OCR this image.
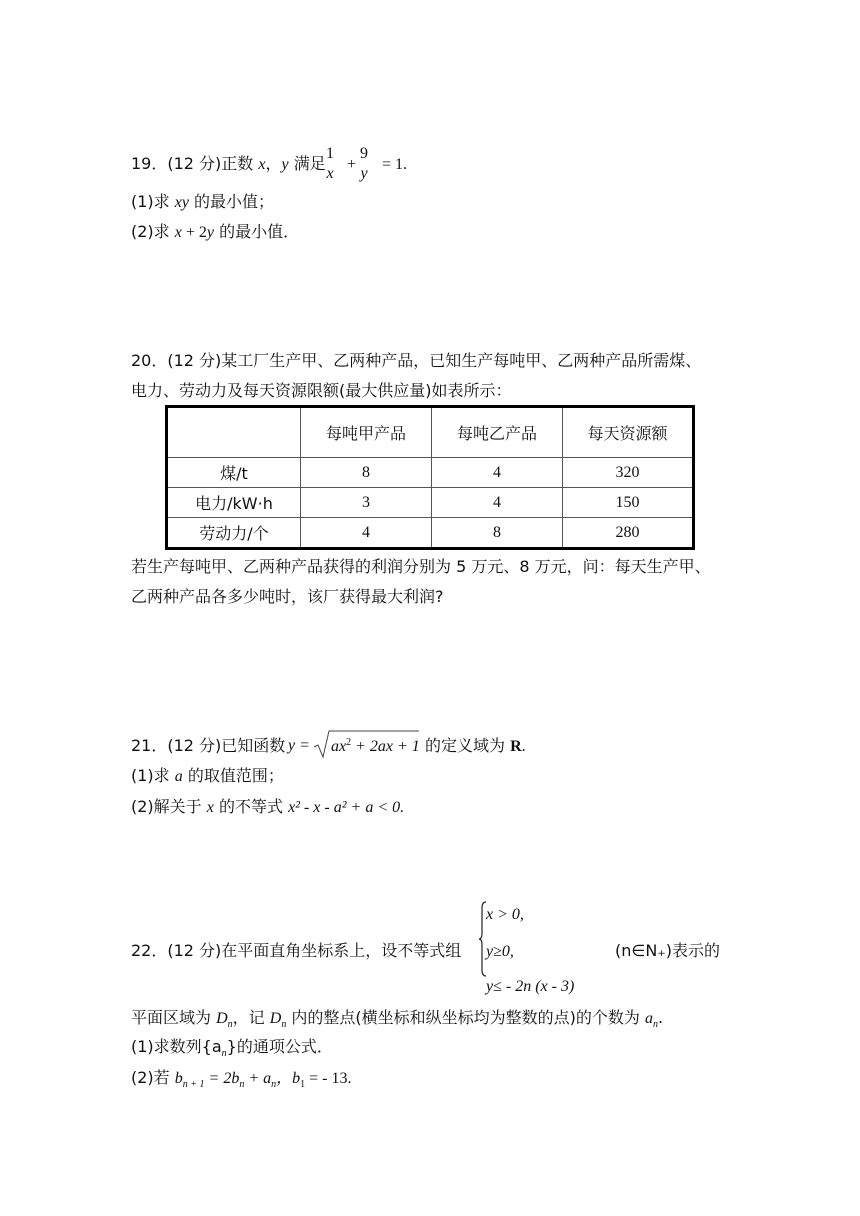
19．(12 分)正数 x，y 满足
1
x
+
9
y
= 1.
(1)求 xy 的最小值；
(2)求 x + 2y 的最小值．
20．(12 分)某工厂生产甲、乙两种产品，已知生产每吨甲、乙两种产品所需煤、
电力、劳动力及每天资源限额(最大供应量)如表所示：
	每吨甲产品	每吨乙产品	每天资源额
煤/t	8	4	320
电力/kW·h	3	4	150
劳动力/个	4	8	280
若生产每吨甲、乙两种产品获得的利润分别为 5 万元、8 万元，问：每天生产甲、
乙两种产品各多少吨时，该厂获得最大利润?
21．(12 分)已知函数 $y = ax^2 + 2ax + 1$ 的定义域为 R.
(1)求 a 的取值范围；
(2)解关于 x 的不等式 x² - x - a² + a < 0.
x > 0,
y≥0,
y≤ - 2n (x - 3)
22．(12 分)在平面直角坐标系上，设不等式组	(n∈N₊)表示的
平面区域为 $D_n$，记 $D_n$ 内的整点(横坐标和纵坐标均为整数的点)的个数为 $a_n$.
(1)求数列$\{a_n\}$的通项公式．
(2)若 $b_{n + 1} = 2b_n + a_n$，$b_1$ = - 13.
